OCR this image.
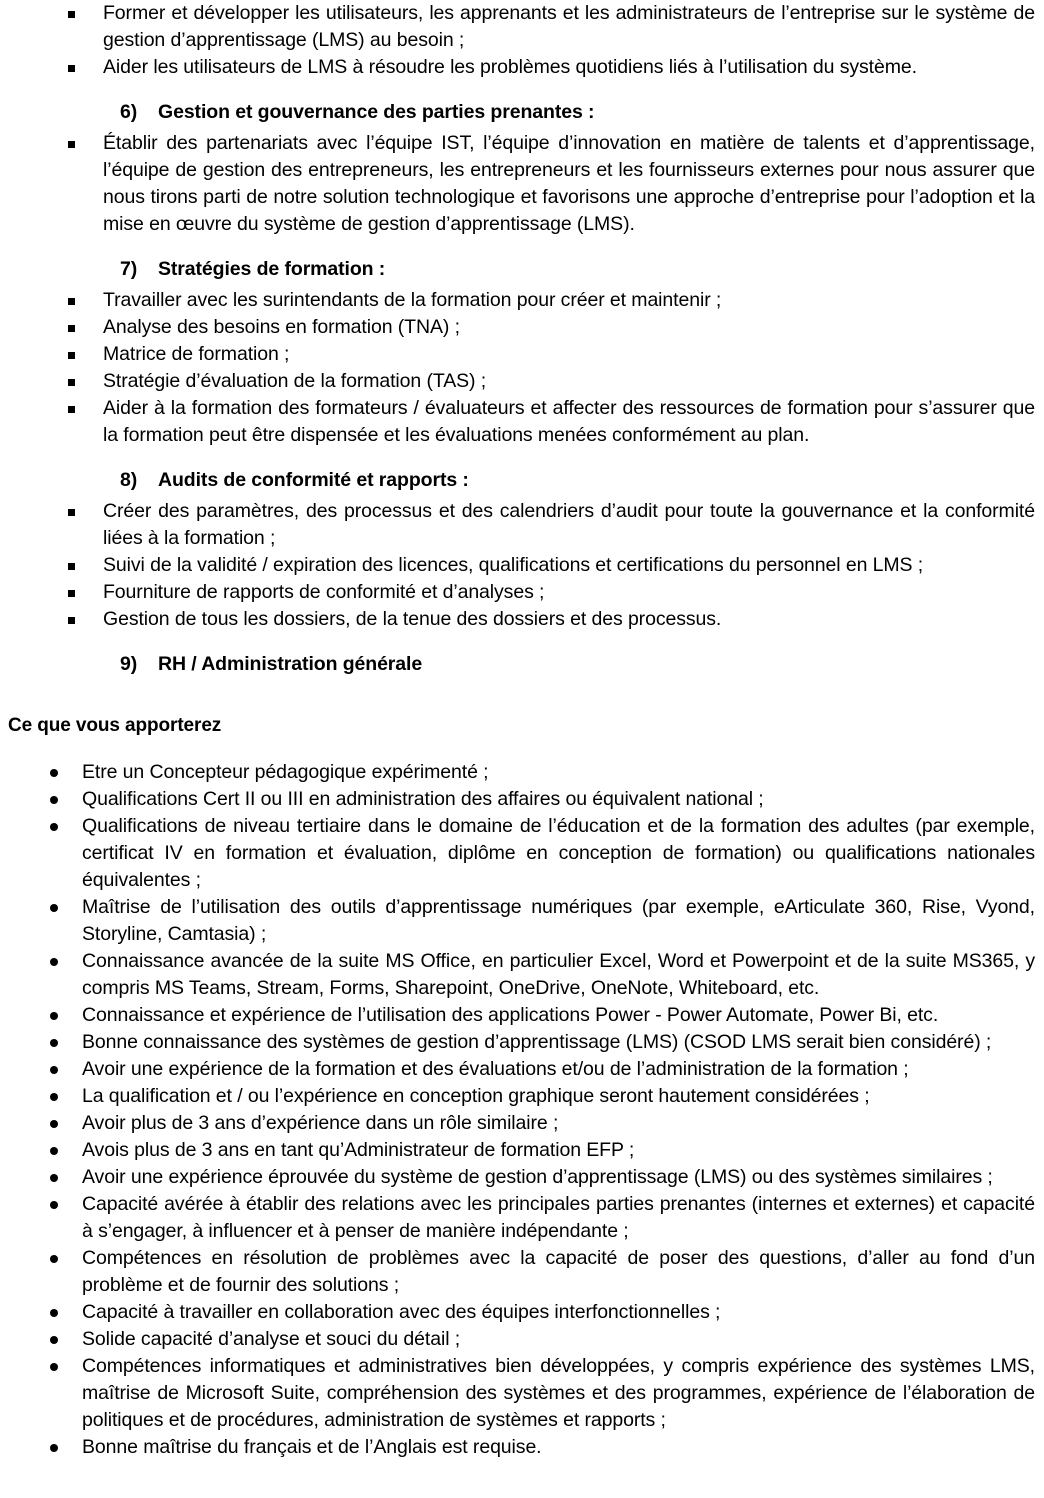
Former et développer les utilisateurs, les apprenants et les administrateurs de l’entreprise sur le système de gestion d’apprentissage (LMS) au besoin ;
Aider les utilisateurs de LMS à résoudre les problèmes quotidiens liés à l’utilisation du système.
6)	Gestion et gouvernance des parties prenantes :
Établir des partenariats avec l’équipe IST, l’équipe d’innovation en matière de talents et d’apprentissage, l’équipe de gestion des entrepreneurs, les entrepreneurs et les fournisseurs externes pour nous assurer que nous tirons parti de notre solution technologique et favorisons une approche d’entreprise pour l’adoption et la mise en œuvre du système de gestion d’apprentissage (LMS).
7)	Stratégies de formation :
Travailler avec les surintendants de la formation pour créer et maintenir ;
Analyse des besoins en formation (TNA) ;
Matrice de formation ;
Stratégie d’évaluation de la formation (TAS) ;
Aider à la formation des formateurs / évaluateurs et affecter des ressources de formation pour s’assurer que la formation peut être dispensée et les évaluations menées conformément au plan.
8)	Audits de conformité et rapports :
Créer des paramètres, des processus et des calendriers d’audit pour toute la gouvernance et la conformité liées à la formation ;
Suivi de la validité / expiration des licences, qualifications et certifications du personnel en LMS ;
Fourniture de rapports de conformité et d’analyses ;
Gestion de tous les dossiers, de la tenue des dossiers et des processus.
9)	RH / Administration générale
Ce que vous apporterez
Etre un Concepteur pédagogique expérimenté ;
Qualifications Cert II ou III en administration des affaires ou équivalent national ;
Qualifications de niveau tertiaire dans le domaine de l’éducation et de la formation des adultes (par exemple, certificat IV en formation et évaluation, diplôme en conception de formation) ou qualifications nationales équivalentes ;
Maîtrise de l’utilisation des outils d’apprentissage numériques (par exemple, eArticulate 360, Rise, Vyond, Storyline, Camtasia) ;
Connaissance avancée de la suite MS Office, en particulier Excel, Word et Powerpoint et de la suite MS365, y compris MS Teams, Stream, Forms, Sharepoint, OneDrive, OneNote, Whiteboard, etc.
Connaissance et expérience de l’utilisation des applications Power - Power Automate, Power Bi, etc.
Bonne connaissance des systèmes de gestion d’apprentissage (LMS) (CSOD LMS serait bien considéré) ;
Avoir une expérience de la formation et des évaluations et/ou de l’administration de la formation ;
La qualification et / ou l’expérience en conception graphique seront hautement considérées ;
Avoir plus de 3 ans d’expérience dans un rôle similaire ;
Avois plus de 3 ans en tant qu’Administrateur de formation EFP ;
Avoir une expérience éprouvée du système de gestion d’apprentissage (LMS) ou des systèmes similaires ;
Capacité avérée à établir des relations avec les principales parties prenantes (internes et externes) et capacité à s’engager, à influencer et à penser de manière indépendante ;
Compétences en résolution de problèmes avec la capacité de poser des questions, d’aller au fond d’un problème et de fournir des solutions ;
Capacité à travailler en collaboration avec des équipes interfonctionnelles ;
Solide capacité d’analyse et souci du détail ;
Compétences informatiques et administratives bien développées, y compris expérience des systèmes LMS, maîtrise de Microsoft Suite, compréhension des systèmes et des programmes, expérience de l’élaboration de politiques et de procédures, administration de systèmes et rapports ;
Bonne maîtrise du français et de l’Anglais est requise.
